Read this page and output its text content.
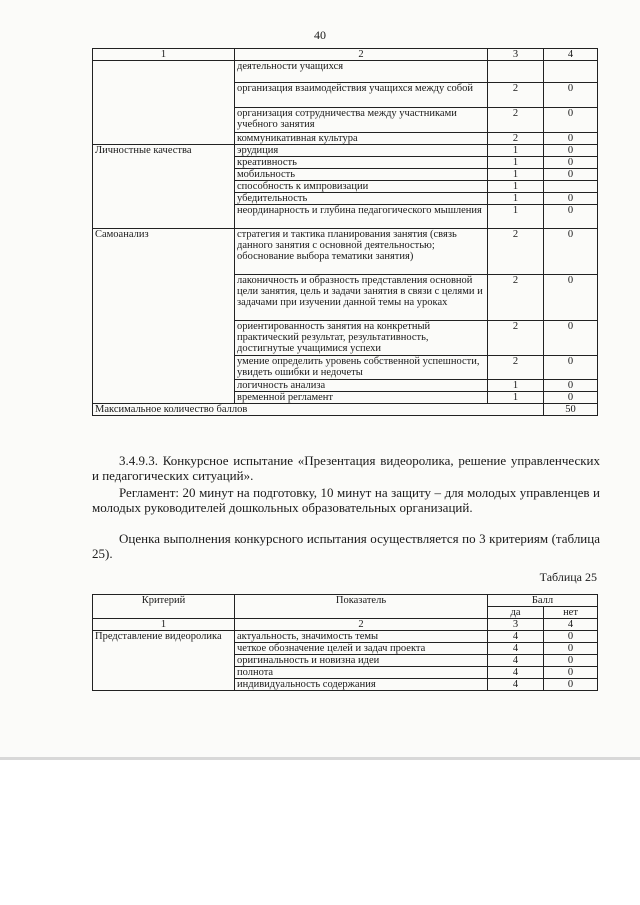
40
1	2	3	4
	деятельности учащихся		
	организация взаимодействия учащихся между собой	2	0
	организация сотрудничества между участниками учебного занятия	2	0
	коммуникативная культура	2	0
Личностные качества	эрудиция	1	0
	креативность	1	0
	мобильность	1	0
	способность к импровизации	1	
	убедительность	1	0
	неординарность и глубина педагогического мышления	1	0
Самоанализ	стратегия и тактика планирования занятия (связь данного занятия с основной деятельностью; обоснование выбора тематики занятия)	2	0
	лаконичность и образность представления основной цели занятия, цель и задачи занятия в связи с целями и задачами при изучении данной темы на уроках	2	0
	ориентированность занятия на конкретный практический результат, результативность, достигнутые учащимися успехи	2	0
	умение определить уровень собственной успешности, увидеть ошибки и недочеты	2	0
	логичность анализа	1	0
	временной регламент	1	0
Максимальное количество баллов			50

3.4.9.3. Конкурсное испытание «Презентация видеоролика, решение управленческих и педагогических ситуаций».

Регламент: 20 минут на подготовку, 10 минут на защиту – для молодых управленцев и молодых руководителей дошкольных образовательных организаций.

Оценка выполнения конкурсного испытания осуществляется по 3 критериям (таблица 25).

Таблица 25
Критерий	Показатель	Балл	
		да	нет
1	2	3	4
Представление видеоролика	актуальность, значимость темы	4	0
	четкое обозначение целей и задач проекта	4	0
	оригинальность и новизна идеи	4	0
	полнота	4	0
	индивидуальность содержания	4	0
